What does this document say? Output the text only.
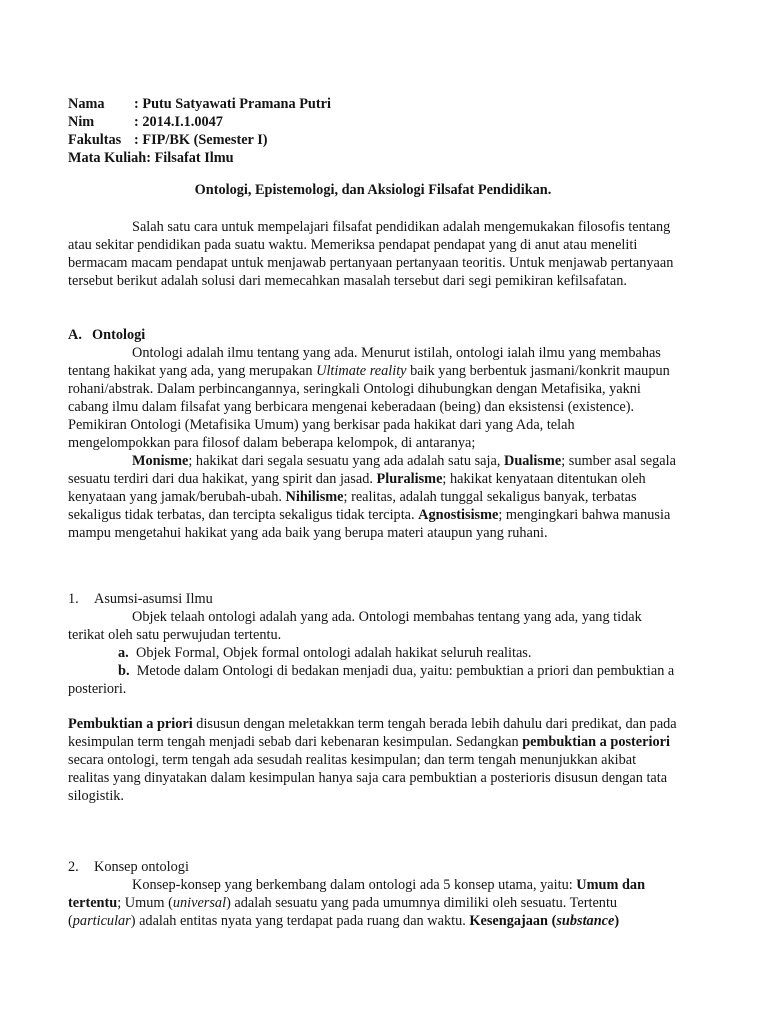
Nama : Putu Satyawati Pramana Putri
Nim	: 2014.I.1.0047
Fakultas : FIP/BK (Semester I)
Mata Kuliah: Filsafat Ilmu
Ontologi, Epistemologi, dan Aksiologi Filsafat Pendidikan.

Salah satu cara untuk mempelajari filsafat pendidikan adalah mengemukakan filosofis tentang atau sekitar pendidikan pada suatu waktu. Memeriksa pendapat pendapat yang di anut atau meneliti bermacam macam pendapat untuk menjawab pertanyaan pertanyaan teoritis. Untuk menjawab pertanyaan tersebut berikut adalah solusi dari memecahkan masalah tersebut dari segi pemikiran kefilsafatan.

A. Ontologi

Ontologi adalah ilmu tentang yang ada. Menurut istilah, ontologi ialah ilmu yang membahas tentang hakikat yang ada, yang merupakan Ultimate reality baik yang berbentuk jasmani/konkrit maupun rohani/abstrak. Dalam perbincangannya, seringkali Ontologi dihubungkan dengan Metafisika, yakni cabang ilmu dalam filsafat yang berbicara mengenai keberadaan (being) dan eksistensi (existence). Pemikiran Ontologi (Metafisika Umum) yang berkisar pada hakikat dari yang Ada, telah mengelompokkan para filosof dalam beberapa kelompok, di antaranya;

Monisme; hakikat dari segala sesuatu yang ada adalah satu saja, Dualisme; sumber asal segala sesuatu terdiri dari dua hakikat, yang spirit dan jasad. Pluralisme; hakikat kenyataan ditentukan oleh kenyataan yang jamak/berubah-ubah. Nihilisme; realitas, adalah tunggal sekaligus banyak, terbatas sekaligus tidak terbatas, dan tercipta sekaligus tidak tercipta. Agnostisisme; mengingkari bahwa manusia mampu mengetahui hakikat yang ada baik yang berupa materi ataupun yang ruhani.

1. Asumsi-asumsi Ilmu

Objek telaah ontologi adalah yang ada. Ontologi membahas tentang yang ada, yang tidak terikat oleh satu perwujudan tertentu.

a. Objek Formal, Objek formal ontologi adalah hakikat seluruh realitas.

b. Metode dalam Ontologi di bedakan menjadi dua, yaitu: pembuktian a priori dan pembuktian a posteriori.

Pembuktian a priori disusun dengan meletakkan term tengah berada lebih dahulu dari predikat, dan pada kesimpulan term tengah menjadi sebab dari kebenaran kesimpulan. Sedangkan pembuktian a posteriori secara ontologi, term tengah ada sesudah realitas kesimpulan; dan term tengah menunjukkan akibat realitas yang dinyatakan dalam kesimpulan hanya saja cara pembuktian a posterioris disusun dengan tata silogistik.

2. Konsep ontologi

Konsep-konsep yang berkembang dalam ontologi ada 5 konsep utama, yaitu: Umum dan tertentu; Umum (universal) adalah sesuatu yang pada umumnya dimiliki oleh sesuatu. Tertentu (particular) adalah entitas nyata yang terdapat pada ruang dan waktu. Kesengajaan (substance)
